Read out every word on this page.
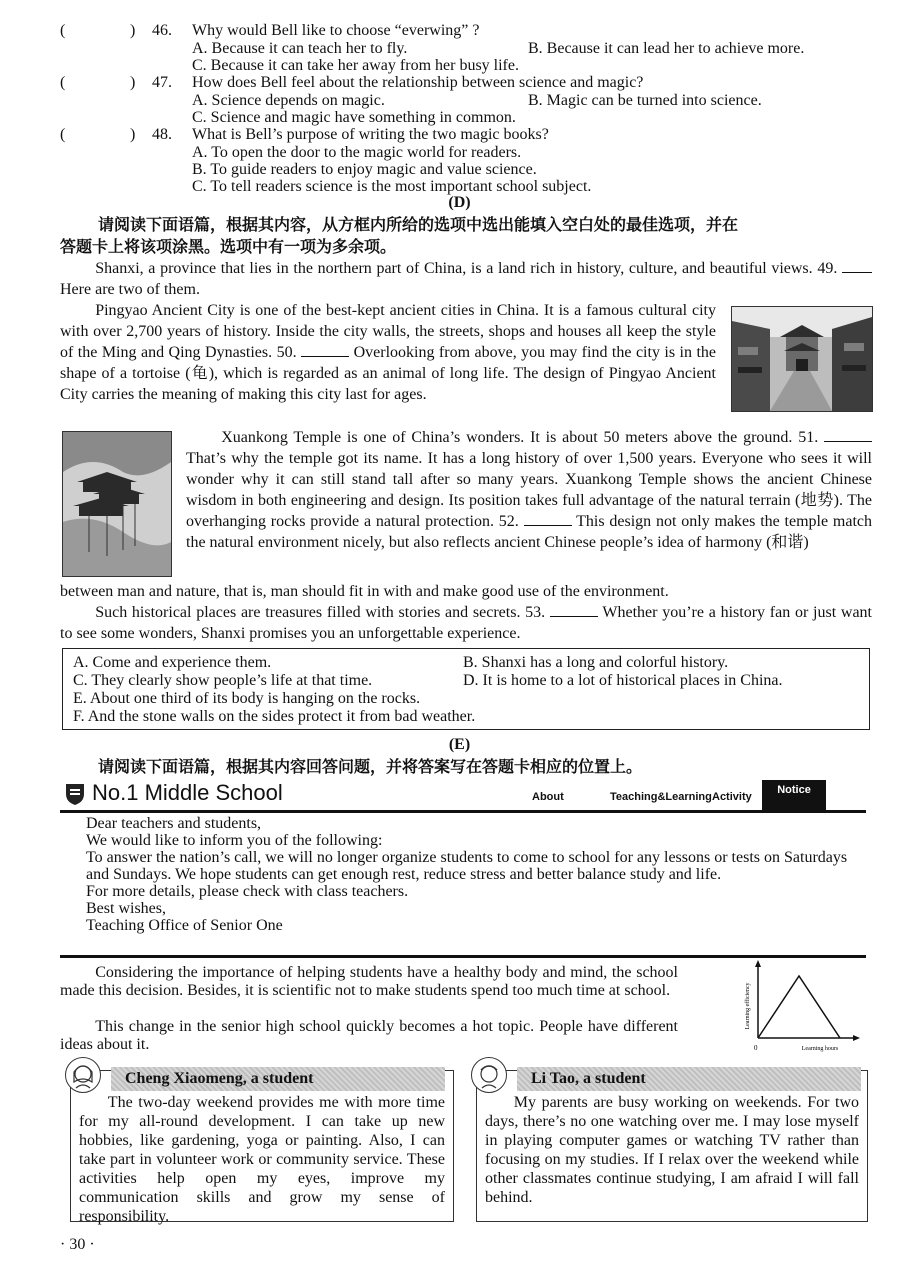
(	) 46. Why would Bell like to choose “everwing” ?
A. Because it can teach her to fly.	B. Because it can lead her to achieve more.
C. Because it can take her away from her busy life.
(	) 47. How does Bell feel about the relationship between science and magic?
A. Science depends on magic.	B. Magic can be turned into science.
C. Science and magic have something in common.
(	) 48. What is Bell’s purpose of writing the two magic books?
A. To open the door to the magic world for readers.
B. To guide readers to enjoy magic and value science.
C. To tell readers science is the most important school subject.
(D)
请阅读下面语篇，根据其内容，从方框内所给的选项中选出能填入空白处的最佳选项，并在
答题卡上将该项涂黑。选项中有一项为多余项。
Shanxi, a province that lies in the northern part of China, is a land rich in history, culture, and beautiful views. 49.  Here are two of them.
Pingyao Ancient City is one of the best-kept ancient cities in China. It is a famous cultural city with over 2,700 years of history. Inside the city walls, the streets, shops and houses all keep the style of the Ming and Qing Dynasties. 50.	Overlooking from above, you may find the city is in the shape of a tortoise (龟), which is regarded as an animal of long life. The design of Pingyao Ancient City carries the meaning of making this city last for ages.
Xuankong Temple is one of China’s wonders. It is about 50 meters above the ground. 51.  That’s why the temple got its name. It has a long history of over 1,500 years. Everyone who sees it will wonder why it can still stand tall after so many years. Xuankong Temple shows the ancient Chinese wisdom in both engineering and design. Its position takes full advantage of the natural terrain (地势). The overhanging rocks provide a natural protection. 52.	This design not only makes the temple match the natural environment nicely, but also reflects ancient Chinese people’s idea of harmony (和谐)
between man and nature, that is, man should fit in with and make good use of the environment.
Such historical places are treasures filled with stories and secrets. 53.	Whether you’re a history fan or just want to see some wonders, Shanxi promises you an unforgettable experience.
A. Come and experience them.	B. Shanxi has a long and colorful history.
C. They clearly show people’s life at that time.	D. It is home to a lot of historical places in China.
E. About one third of its body is hanging on the rocks.
F. And the stone walls on the sides protect it from bad weather.
(E)
请阅读下面语篇，根据其内容回答问题，并将答案写在答题卡相应的位置上。
No.1 Middle School	About	Teaching&Learning Activity
Notice
Dear teachers and students,
We would like to inform you of the following:
To answer the nation’s call, we will no longer organize students to come to school for any lessons or tests on Saturdays and Sundays. We hope students can get enough rest, reduce stress and better balance study and life.
For more details, please check with class teachers.
Best wishes,
Teaching Office of Senior One
Considering the importance of helping students have a healthy body and mind, the school made this decision. Besides, it is scientific not to make students spend too much time at school.
This change in the senior high school quickly becomes a hot topic. People have different ideas about it.
Learning efficiency
Learning hours
0
Cheng Xiaomeng, a student
The two-day weekend provides me with more time for my all-round development. I can take up new hobbies, like gardening, yoga or painting. Also, I can take part in volunteer work or community service. These activities help open my eyes, improve my communication skills and grow my sense of responsibility.
Li Tao, a student
My parents are busy working on weekends. For two days, there’s no one watching over me. I may lose myself in playing computer games or watching TV rather than focusing on my studies. If I relax over the weekend while other classmates continue studying, I am afraid I will fall behind.
· 30 ·
